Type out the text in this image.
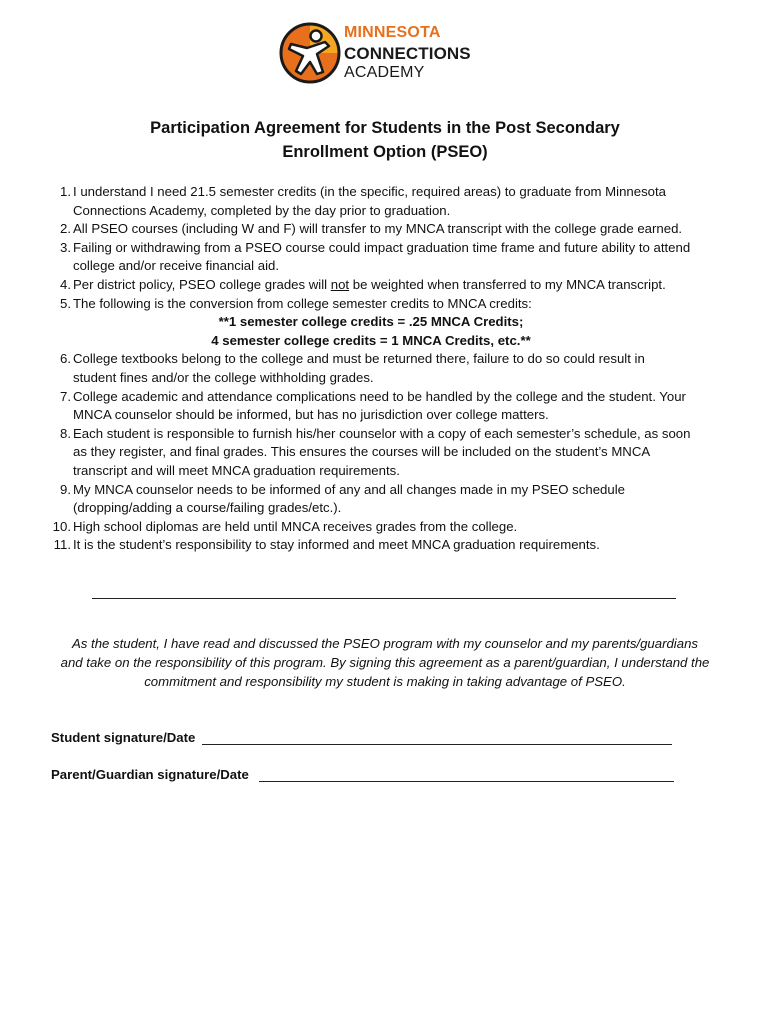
MINNESOTA
CONNECTIONS
ACADEMY
Participation Agreement for Students in the Post Secondary
Enrollment Option (PSEO)
1. I understand I need 21.5 semester credits (in the specific, required areas) to graduate from Minnesota Connections Academy, completed by the day prior to graduation.
2. All PSEO courses (including W and F) will transfer to my MNCA transcript with the college grade earned.
3. Failing or withdrawing from a PSEO course could impact graduation time frame and future ability to attend college and/or receive financial aid.
4. Per district policy, PSEO college grades will not be weighted when transferred to my MNCA transcript.
5. The following is the conversion from college semester credits to MNCA credits:
**1 semester college credits = .25 MNCA Credits;
4 semester college credits = 1 MNCA Credits, etc.**
6. College textbooks belong to the college and must be returned there, failure to do so could result in student fines and/or the college withholding grades.
7. College academic and attendance complications need to be handled by the college and the student. Your MNCA counselor should be informed, but has no jurisdiction over college matters.
8. Each student is responsible to furnish his/her counselor with a copy of each semester’s schedule, as soon as they register, and final grades. This ensures the courses will be included on the student’s MNCA transcript and will meet MNCA graduation requirements.
9. My MNCA counselor needs to be informed of any and all changes made in my PSEO schedule (dropping/adding a course/failing grades/etc.).
10. High school diplomas are held until MNCA receives grades from the college.
11. It is the student’s responsibility to stay informed and meet MNCA graduation requirements.

As the student, I have read and discussed the PSEO program with my counselor and my parents/guardians and take on the responsibility of this program. By signing this agreement as a parent/guardian, I understand the commitment and responsibility my student is making in taking advantage of PSEO.

Student signature/Date
Parent/Guardian signature/Date
